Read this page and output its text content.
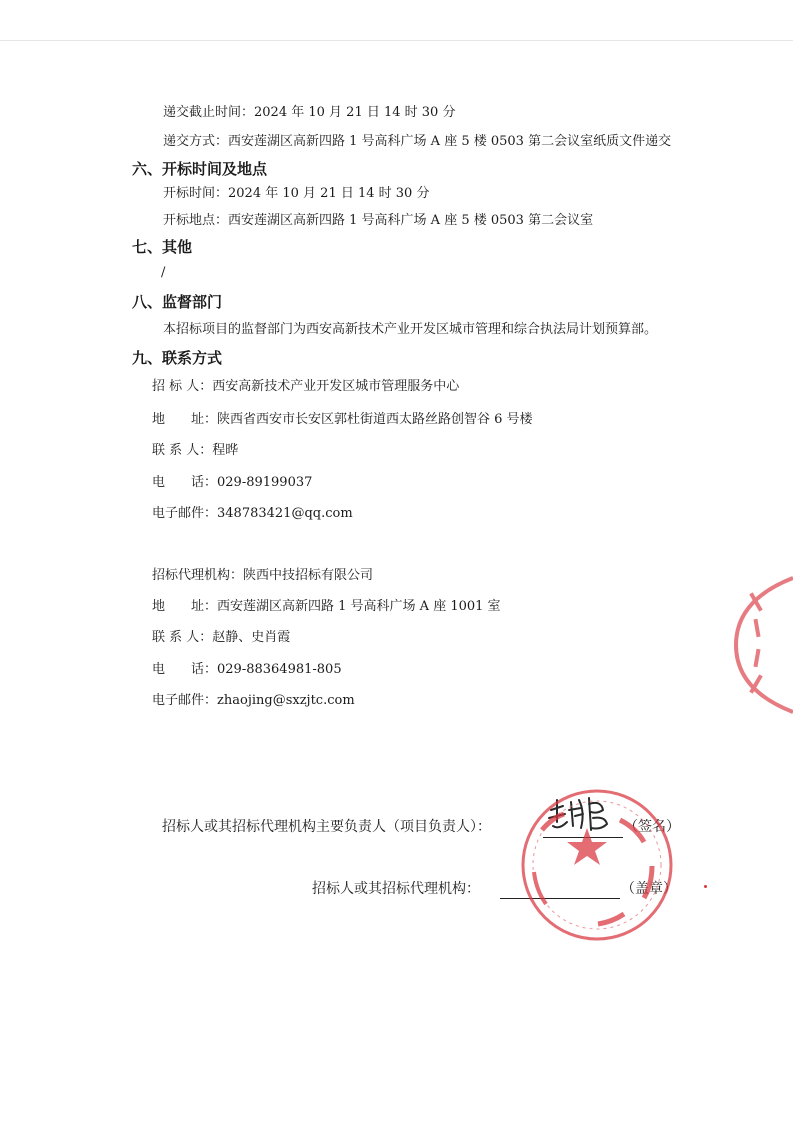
递交截止时间：2024 年 10 月 21 日 14 时 30 分
递交方式：西安莲湖区高新四路 1 号高科广场 A 座 5 楼 0503 第二会议室纸质文件递交
六、开标时间及地点
开标时间：2024 年 10 月 21 日 14 时 30 分
开标地点：西安莲湖区高新四路 1 号高科广场 A 座 5 楼 0503 第二会议室
七、其他
/
八、监督部门
本招标项目的监督部门为西安高新技术产业开发区城市管理和综合执法局计划预算部。
九、联系方式
招 标 人：西安高新技术产业开发区城市管理服务中心
地　　址：陕西省西安市长安区郭杜街道西太路丝路创智谷 6 号楼
联 系 人：程晔
电　　话：029-89199037
电子邮件：348783421@qq.com
招标代理机构：陕西中技招标有限公司
地　　址：西安莲湖区高新四路 1 号高科广场 A 座 1001 室
联 系 人：赵静、史肖霞
电　　话：029-88364981-805
电子邮件：zhaojing@sxzjtc.com
招标人或其招标代理机构主要负责人（项目负责人）：	（签名）
招标人或其招标代理机构：	（盖章）
